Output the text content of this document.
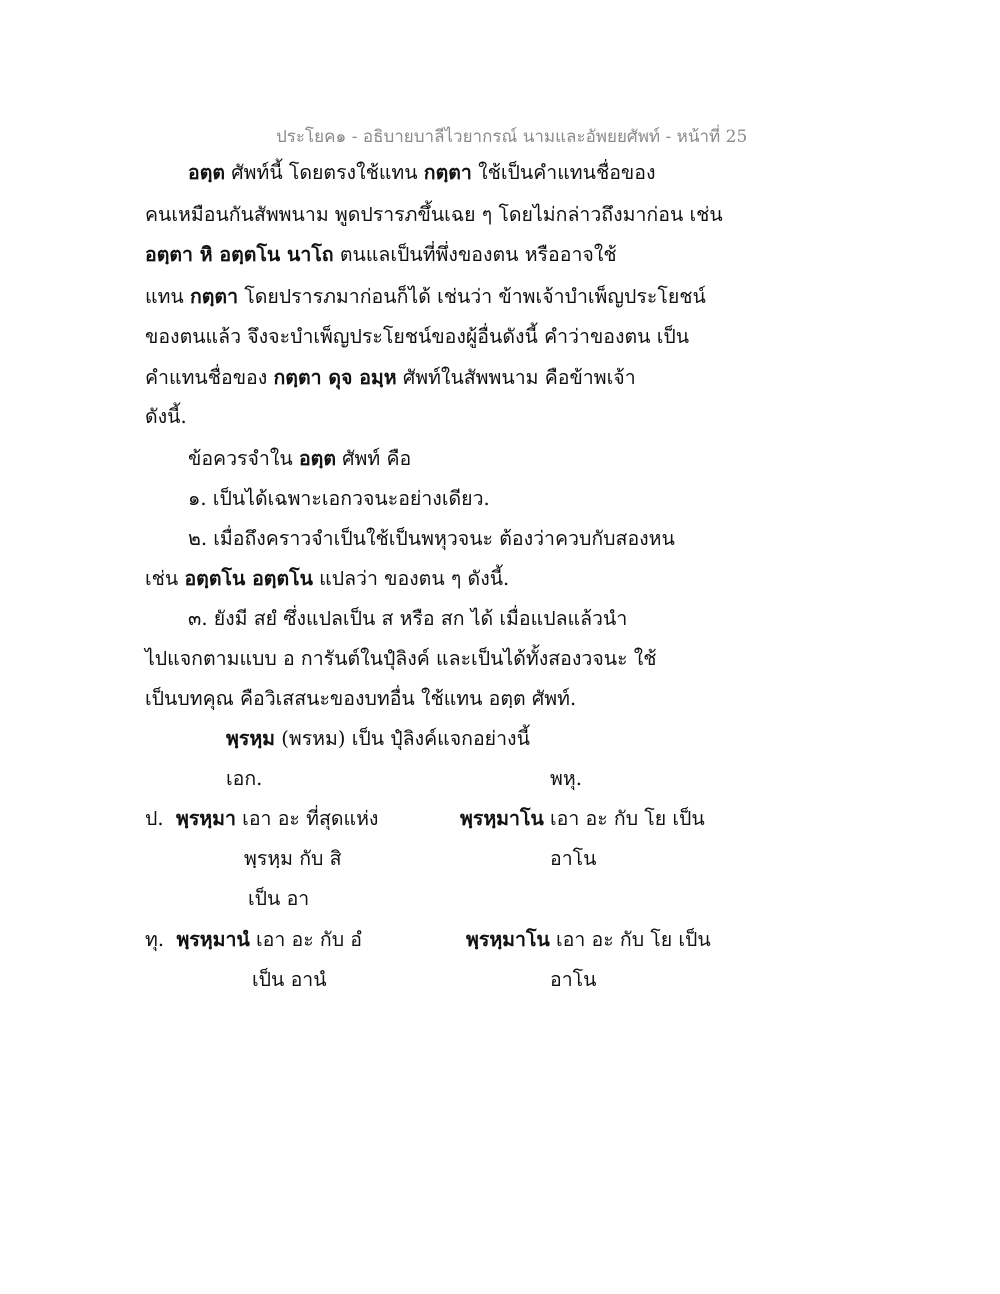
ประโยค๑ - อธิบายบาลีไวยากรณ์ นามและอัพยยศัพท์ - หน้าที่ 25
อตฺต ศัพท์นี้ โดยตรงใช้แทน กตฺตา ใช้เป็นคำแทนชื่อของ
คนเหมือนกันสัพพนาม พูดปรารภขึ้นเฉย ๆ โดยไม่กล่าวถึงมาก่อน เช่น
อตฺตา หิ อตฺตโน นาโถ ตนแลเป็นที่พึ่งของตน หรืออาจใช้
แทน กตฺตา โดยปรารภมาก่อนก็ได้ เช่นว่า ข้าพเจ้าบำเพ็ญประโยชน์
ของตนแล้ว จึงจะบำเพ็ญประโยชน์ของผู้อื่นดังนี้ คำว่าของตน เป็น
คำแทนชื่อของ กตฺตา ดุจ อมฺห ศัพท์ในสัพพนาม คือข้าพเจ้า
ดังนี้.
ข้อควรจำใน อตฺต ศัพท์ คือ
๑. เป็นได้เฉพาะเอกวจนะอย่างเดียว.
๒. เมื่อถึงคราวจำเป็นใช้เป็นพหุวจนะ ต้องว่าควบกับสองหน
เช่น อตฺตโน อตฺตโน แปลว่า ของตน ๆ ดังนี้.
๓. ยังมี สยํ ซึ่งแปลเป็น ส หรือ สก ได้ เมื่อแปลแล้วนำ
ไปแจกตามแบบ อ การันต์ในปุํลิงค์ และเป็นได้ทั้งสองวจนะ ใช้
เป็นบทคุณ คือวิเสสนะของบทอื่น ใช้แทน อตฺต ศัพท์.
พฺรหฺม (พรหม) เป็น ปุํลิงค์แจกอย่างนี้
เอก.	พหุ.
ป. พฺรหฺมา เอา อะ ที่สุดแห่ง
พฺรหฺม กับ สิ
เป็น อา
พฺรหฺมาโน เอา อะ กับ โย เป็น
อาโน
ทุ. พฺรหฺมานํ เอา อะ กับ อํ
เป็น อานํ
พฺรหฺมาโน เอา อะ กับ โย เป็น
อาโน
